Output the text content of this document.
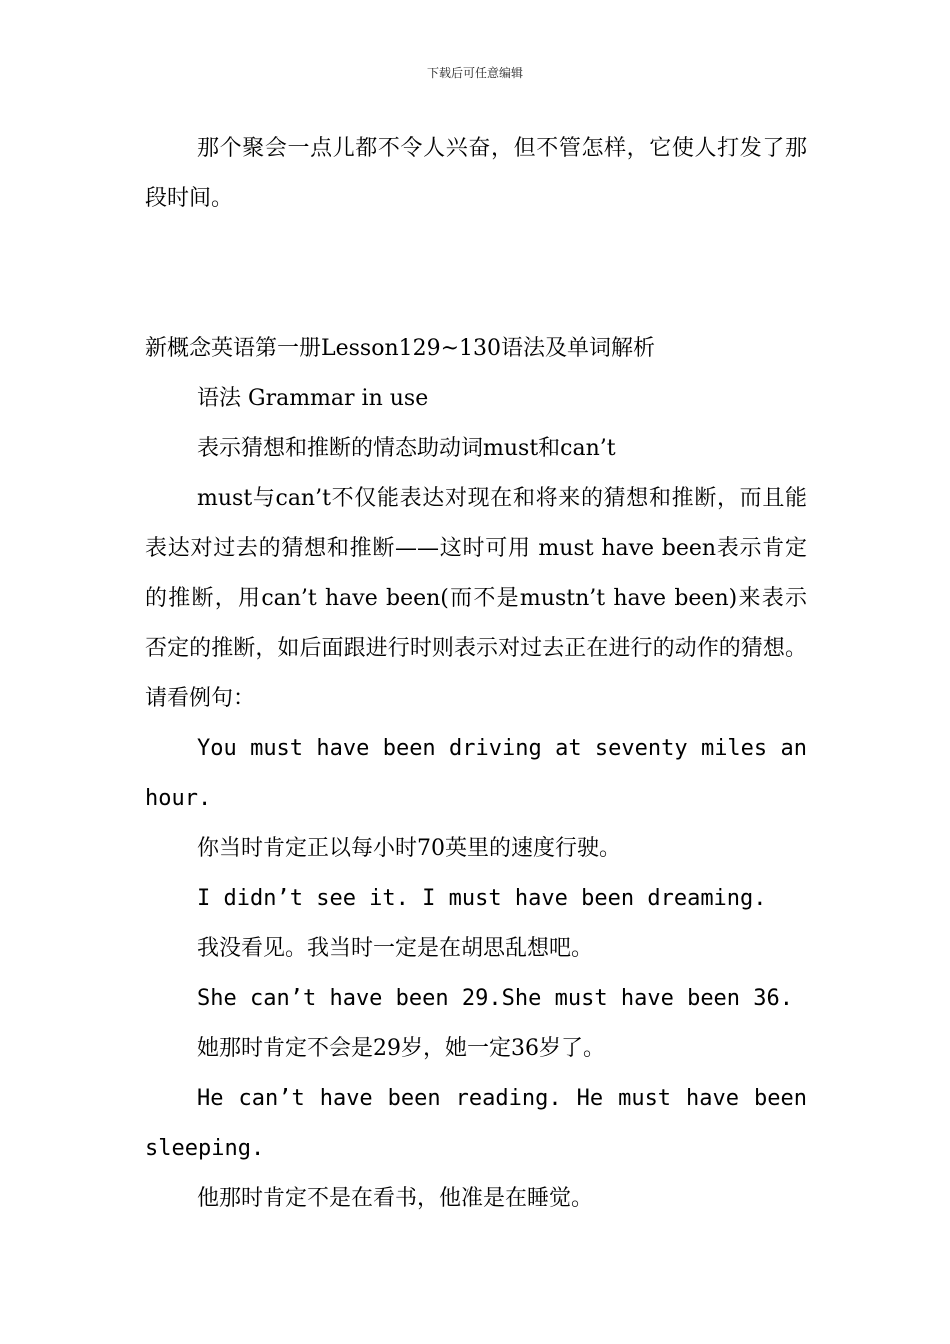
下载后可任意编辑

那个聚会一点儿都不令人兴奋，但不管怎样，它使人打发了那段时间。

新概念英语第一册Lesson129~130语法及单词解析

语法 Grammar in use

表示猜想和推断的情态助动词must和can’t

must与can’t不仅能表达对现在和将来的猜想和推断，而且能表达对过去的猜想和推断——这时可用 must have been表示肯定的推断，用can’t have been(而不是mustn’t have been)来表示否定的推断，如后面跟进行时则表示对过去正在进行的动作的猜想。请看例句：

You must have been driving at seventy miles an hour.

你当时肯定正以每小时70英里的速度行驶。

I didn’t see it. I must have been dreaming.

我没看见。我当时一定是在胡思乱想吧。

She can’t have been 29.She must have been 36.

她那时肯定不会是29岁，她一定36岁了。

He can’t have been reading. He must have been sleeping.

他那时肯定不是在看书，他准是在睡觉。
